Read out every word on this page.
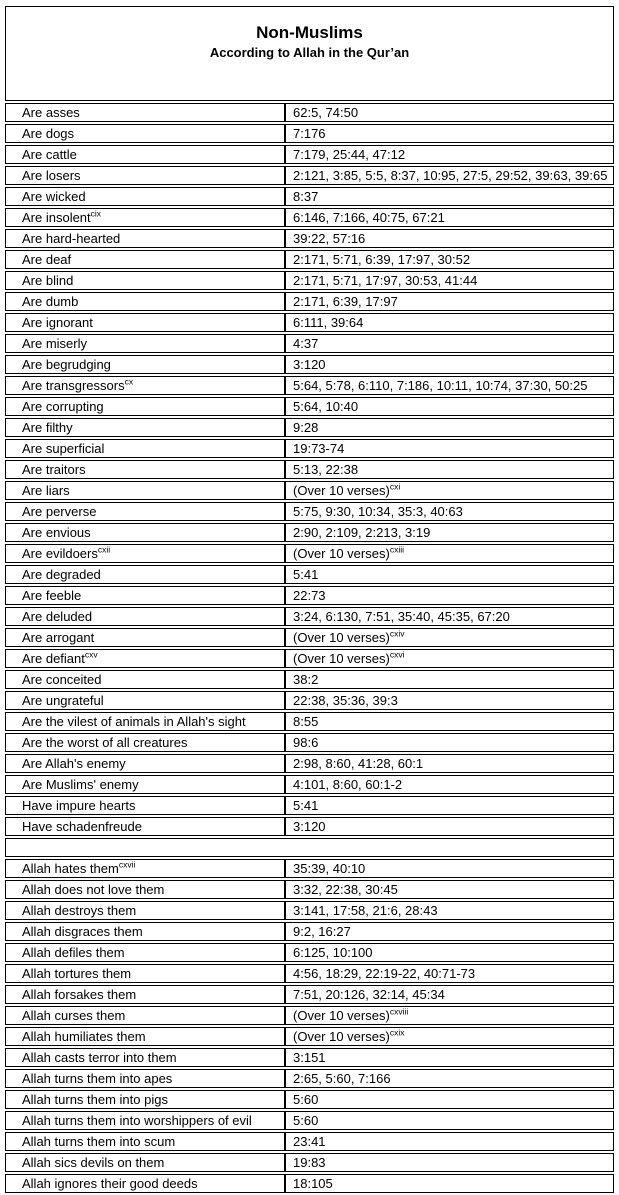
Non-Muslims
According to Allah in the Qur’an	

Are asses	62:5, 74:50
Are dogs	7:176
Are cattle	7:179, 25:44, 47:12
Are losers	2:121, 3:85, 5:5, 8:37, 10:95, 27:5, 29:52, 39:63, 39:65
Are wicked	8:37
Are insolent$^{cix}$	6:146, 7:166, 40:75, 67:21
Are hard-hearted	39:22, 57:16
Are deaf	2:171, 5:71, 6:39, 17:97, 30:52
Are blind	2:171, 5:71, 17:97, 30:53, 41:44
Are dumb	2:171, 6:39, 17:97
Are ignorant	6:111, 39:64
Are miserly	4:37
Are begrudging	3:120
Are transgressors$^{cx}$	5:64, 5:78, 6:110, 7:186, 10:11, 10:74, 37:30, 50:25
Are corrupting	5:64, 10:40
Are filthy	9:28
Are superficial	19:73-74
Are traitors	5:13, 22:38
Are liars	(Over 10 verses)$^{cxi}$
Are perverse	5:75, 9:30, 10:34, 35:3, 40:63
Are envious	2:90, 2:109, 2:213, 3:19
Are evildoers$^{cxii}$	(Over 10 verses)$^{cxiii}$
Are degraded	5:41
Are feeble	22:73
Are deluded	3:24, 6:130, 7:51, 35:40, 45:35, 67:20
Are arrogant	(Over 10 verses)$^{cxiv}$
Are defiant$^{cxv}$	(Over 10 verses)$^{cxvi}$
Are conceited	38:2
Are ungrateful	22:38, 35:36, 39:3
Are the vilest of animals in Allah's sight	8:55
Are the worst of all creatures	98:6
Are Allah's enemy	2:98, 8:60, 41:28, 60:1
Are Muslims' enemy	4:101, 8:60, 60:1-2
Have impure hearts	5:41
Have schadenfreude	3:120

Allah hates them$^{cxvii}$	35:39, 40:10
Allah does not love them	3:32, 22:38, 30:45
Allah destroys them	3:141, 17:58, 21:6, 28:43
Allah disgraces them	9:2, 16:27
Allah defiles them	6:125, 10:100
Allah tortures them	4:56, 18:29, 22:19-22, 40:71-73
Allah forsakes them	7:51, 20:126, 32:14, 45:34
Allah curses them	(Over 10 verses)$^{cxviii}$
Allah humiliates them	(Over 10 verses)$^{cxix}$
Allah casts terror into them	3:151
Allah turns them into apes	2:65, 5:60, 7:166
Allah turns them into pigs	5:60
Allah turns them into worshippers of evil	5:60
Allah turns them into scum	23:41
Allah sics devils on them	19:83
Allah ignores their good deeds	18:105
